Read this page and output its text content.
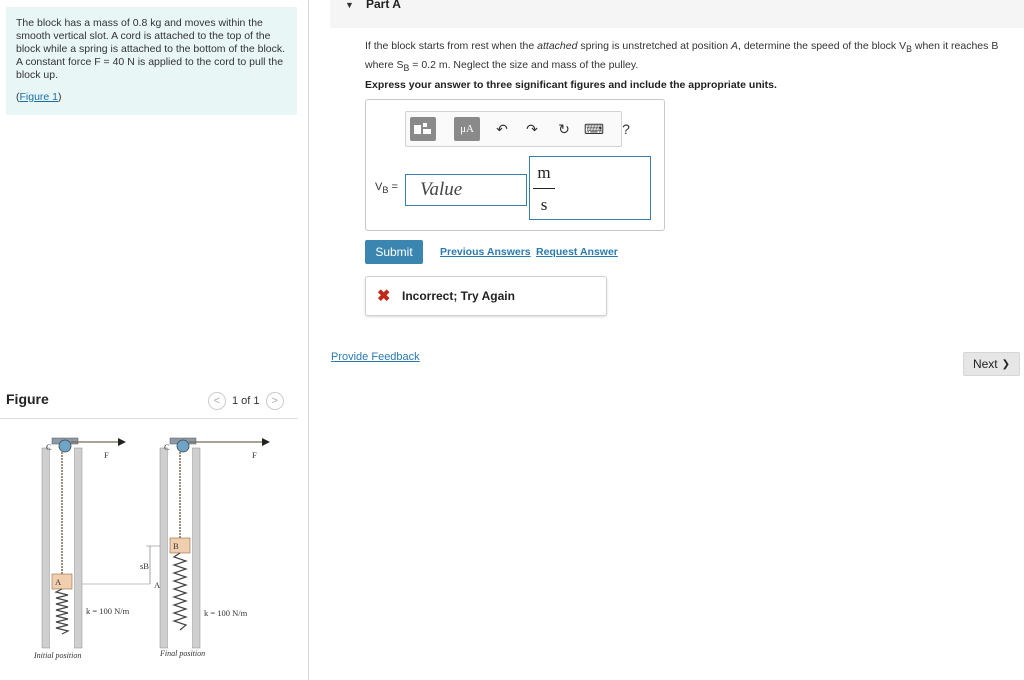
The block has a mass of 0.8 kg and moves within the smooth vertical slot. A cord is attached to the top of the block while a spring is attached to the bottom of the block. A constant force F = 40 N is applied to the cord to pull the block up.
(Figure 1)
Figure	< 1 of 1 >
C
F
A
k = 100 N/m
Initial position
sB
A
C
F
B
k = 100 N/m
Final position
▼ Part A
If the block starts from rest when the attached spring is unstretched at position A, determine the speed of the block $V_B$ when it reaches B where $S_B = 0.2$ m. Neglect the size and mass of the pulley.
Express your answer to three significant figures and include the appropriate units.
μA ↶ ↷ ↻ ⌨ ?
$V_B$ =
Value
m
s
Submit	Previous Answers Request Answer
✖ Incorrect; Try Again
Provide Feedback	Next ❯
